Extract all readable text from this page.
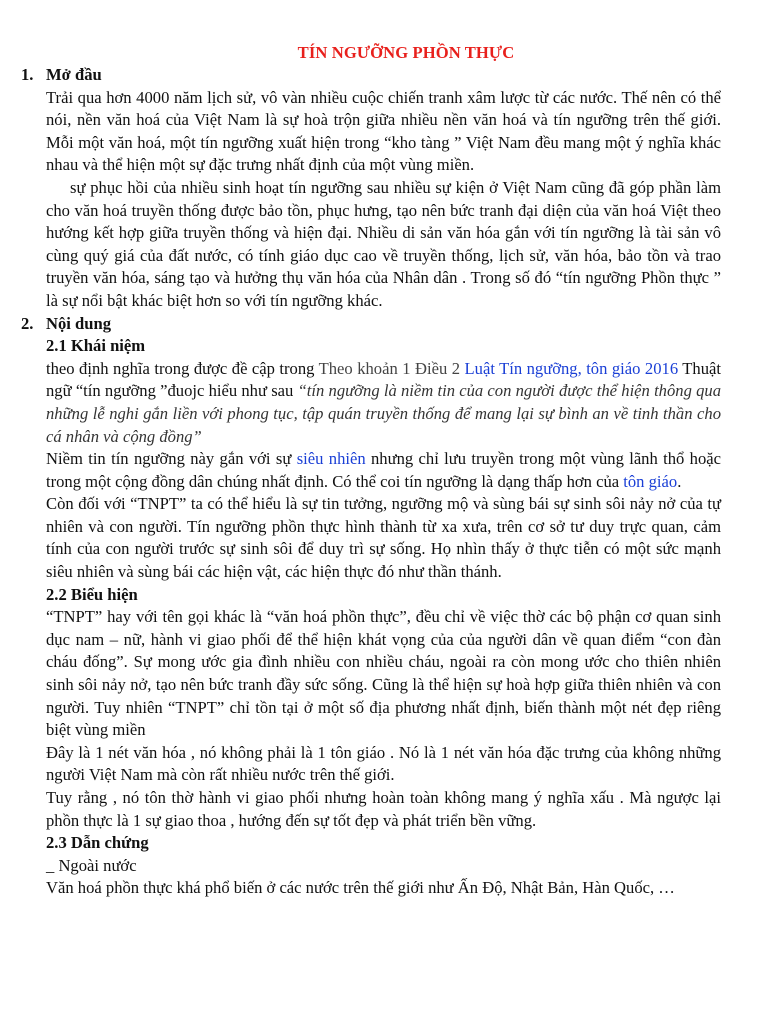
TÍN NGƯỠNG PHỒN THỰC
1. Mở đầu

Trải qua hơn 4000 năm lịch sử, vô vàn nhiều cuộc chiến tranh xâm lược từ các nước. Thế nên có thể nói, nền văn hoá của Việt Nam là sự hoà trộn giữa nhiều nền văn hoá và tín ngưỡng trên thế giới. Mỗi một văn hoá, một tín ngưỡng xuất hiện trong “kho tàng ” Việt Nam đều mang một ý nghĩa khác nhau và thể hiện một sự đặc trưng nhất định của một vùng miền.

sự phục hồi của nhiều sinh hoạt tín ngưỡng sau nhiều sự kiện ở Việt Nam cũng đã góp phần làm cho văn hoá truyền thống được bảo tồn, phục hưng, tạo nên bức tranh đại diện của văn hoá Việt theo hướng kết hợp giữa truyền thống và hiện đại. Nhiều di sản văn hóa gắn với tín ngưỡng là tài sản vô cùng quý giá của đất nước, có tính giáo dục cao về truyền thống, lịch sử, văn hóa, bảo tồn và trao truyền văn hóa, sáng tạo và hưởng thụ văn hóa của Nhân dân . Trong số đó “tín ngưỡng Phồn thực ” là sự nổi bật khác biệt hơn so với tín ngưỡng khác.

2. Nội dung
2.1 Khái niệm

theo định nghĩa trong được đề cập trong Theo khoản 1 Điều 2 Luật Tín ngưỡng, tôn giáo 2016 Thuật ngữ “tín ngưỡng ”đuojc hiểu như sau “tín ngưỡng là niềm tin của con người được thể hiện thông qua những lễ nghi gắn liền với phong tục, tập quán truyền thống để mang lại sự bình an về tinh thần cho cá nhân và cộng đồng”

Niềm tin tín ngưỡng này gắn với sự siêu nhiên nhưng chỉ lưu truyền trong một vùng lãnh thổ hoặc trong một cộng đồng dân chúng nhất định. Có thể coi tín ngưỡng là dạng thấp hơn của tôn giáo.

Còn đối với “TNPT” ta có thể hiểu là sự tin tưởng, ngưỡng mộ và sùng bái sự sinh sôi nảy nở của tự nhiên và con người. Tín ngưỡng phồn thực hình thành từ xa xưa, trên cơ sở tư duy trực quan, cảm tính của con người trước sự sinh sôi để duy trì sự sống. Họ nhìn thấy ở thực tiễn có một sức mạnh siêu nhiên và sùng bái các hiện vật, các hiện thực đó như thần thánh.

2.2 Biểu hiện

“TNPT” hay với tên gọi khác là “văn hoá phồn thực”, đều chỉ về việc thờ các bộ phận cơ quan sinh dục nam – nữ, hành vi giao phối để thể hiện khát vọng của của người dân về quan điểm “con đàn cháu đống”. Sự mong ước gia đình nhiều con nhiều cháu, ngoài ra còn mong ước cho thiên nhiên sinh sôi nảy nở, tạo nên bức tranh đầy sức sống. Cũng là thể hiện sự hoà hợp giữa thiên nhiên và con người. Tuy nhiên “TNPT” chỉ tồn tại ở một số địa phương nhất định, biến thành một nét đẹp riêng biệt vùng miền

Đây là 1 nét văn hóa , nó không phải là 1 tôn giáo . Nó là 1 nét văn hóa đặc trưng của không những người Việt Nam mà còn rất nhiều nước trên thế giới.

Tuy rằng , nó tôn thờ hành vi giao phối nhưng hoàn toàn không mang ý nghĩa xấu . Mà ngược lại phồn thực là 1 sự giao thoa , hướng đến sự tốt đẹp và phát triển bền vững.

2.3 Dẫn chứng

_ Ngoài nước

Văn hoá phồn thực khá phổ biến ở các nước trên thế giới như Ấn Độ, Nhật Bản, Hàn Quốc, …
